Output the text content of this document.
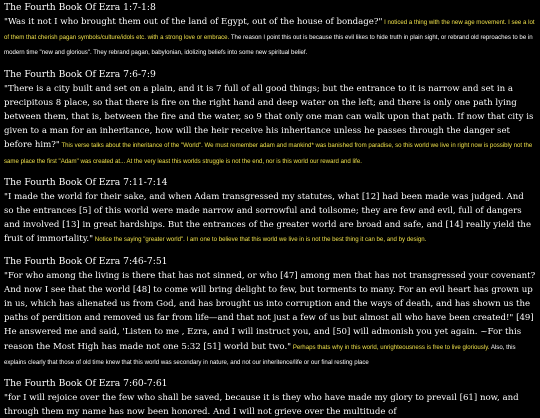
The Fourth Book Of Ezra 1:7-1:8

"Was it not I who brought them out of the land of Egypt, out of the house of bondage?" I noticed a thing with the new age movement. I see a lot of them that cherish pagan symbols/culture/idols etc. with a strong love or embrace. The reason I point this out is because this evil likes to hide truth in plain sight, or rebrand old reproaches to be in modern time "new and glorious". They rebrand pagan, babylonian, idolizing beliefs into some new spiritual belief.

The Fourth Book Of Ezra 7:6-7:9

"There is a city built and set on a plain, and it is 7 full of all good things; but the entrance to it is narrow and set in a precipitous 8 place, so that there is fire on the right hand and deep water on the left; and there is only one path lying between them, that is, between the fire and the water, so 9 that only one man can walk upon that path. If now that city is given to a man for an inheritance, how will the heir receive his inheritance unless he passes through the danger set before him?" This verse talks about the inheritance of the "World". We must remember adam and mankind* was banished from paradise, so this world we live in right now is possibly not the same place the first "Adam" was created at... At the very least this worlds struggle is not the end, nor is this world our reward and life.

The Fourth Book Of Ezra 7:11-7:14

"I made the world for their sake, and when Adam transgressed my statutes, what [12] had been made was judged. And so the entrances [5] of this world were made narrow and sorrowful and toilsome; they are few and evil, full of dangers and involved [13] in great hardships. But the entrances of the greater world are broad and safe, and [14] really yield the fruit of immortality." Notice the saying "greater world". I am one to believe that this world we live in is not the best thing it can be, and by design.

The Fourth Book Of Ezra 7:46-7:51

"For who among the living is there that has not sinned, or who [47] among men that has not transgressed your covenant? And now I see that the world [48] to come will bring delight to few, but torments to many. For an evil heart has grown up in us, which has alienated us from God, and has brought us into corruption and the ways of death, and has shown us the paths of perdition and removed us far from life—and that not just a few of us but almost all who have been created!" [49] He answered me and said, 'Listen to me , Ezra, and I will instruct you, and [50] will admonish you yet again. ~For this reason the Most High has made not one 5:32 [51] world but two." Perhaps thats why in this world, unrighteousness is free to live gloriously. Also, this explains clearly that those of old time knew that this world was secondary in nature, and not our inheritence/life or our final resting place

The Fourth Book Of Ezra 7:60-7:61

"for I will rejoice over the few who shall be saved, because it is they who have made my glory to prevail [61] now, and through them my name has now been honored. And I will not grieve over the multitude of
